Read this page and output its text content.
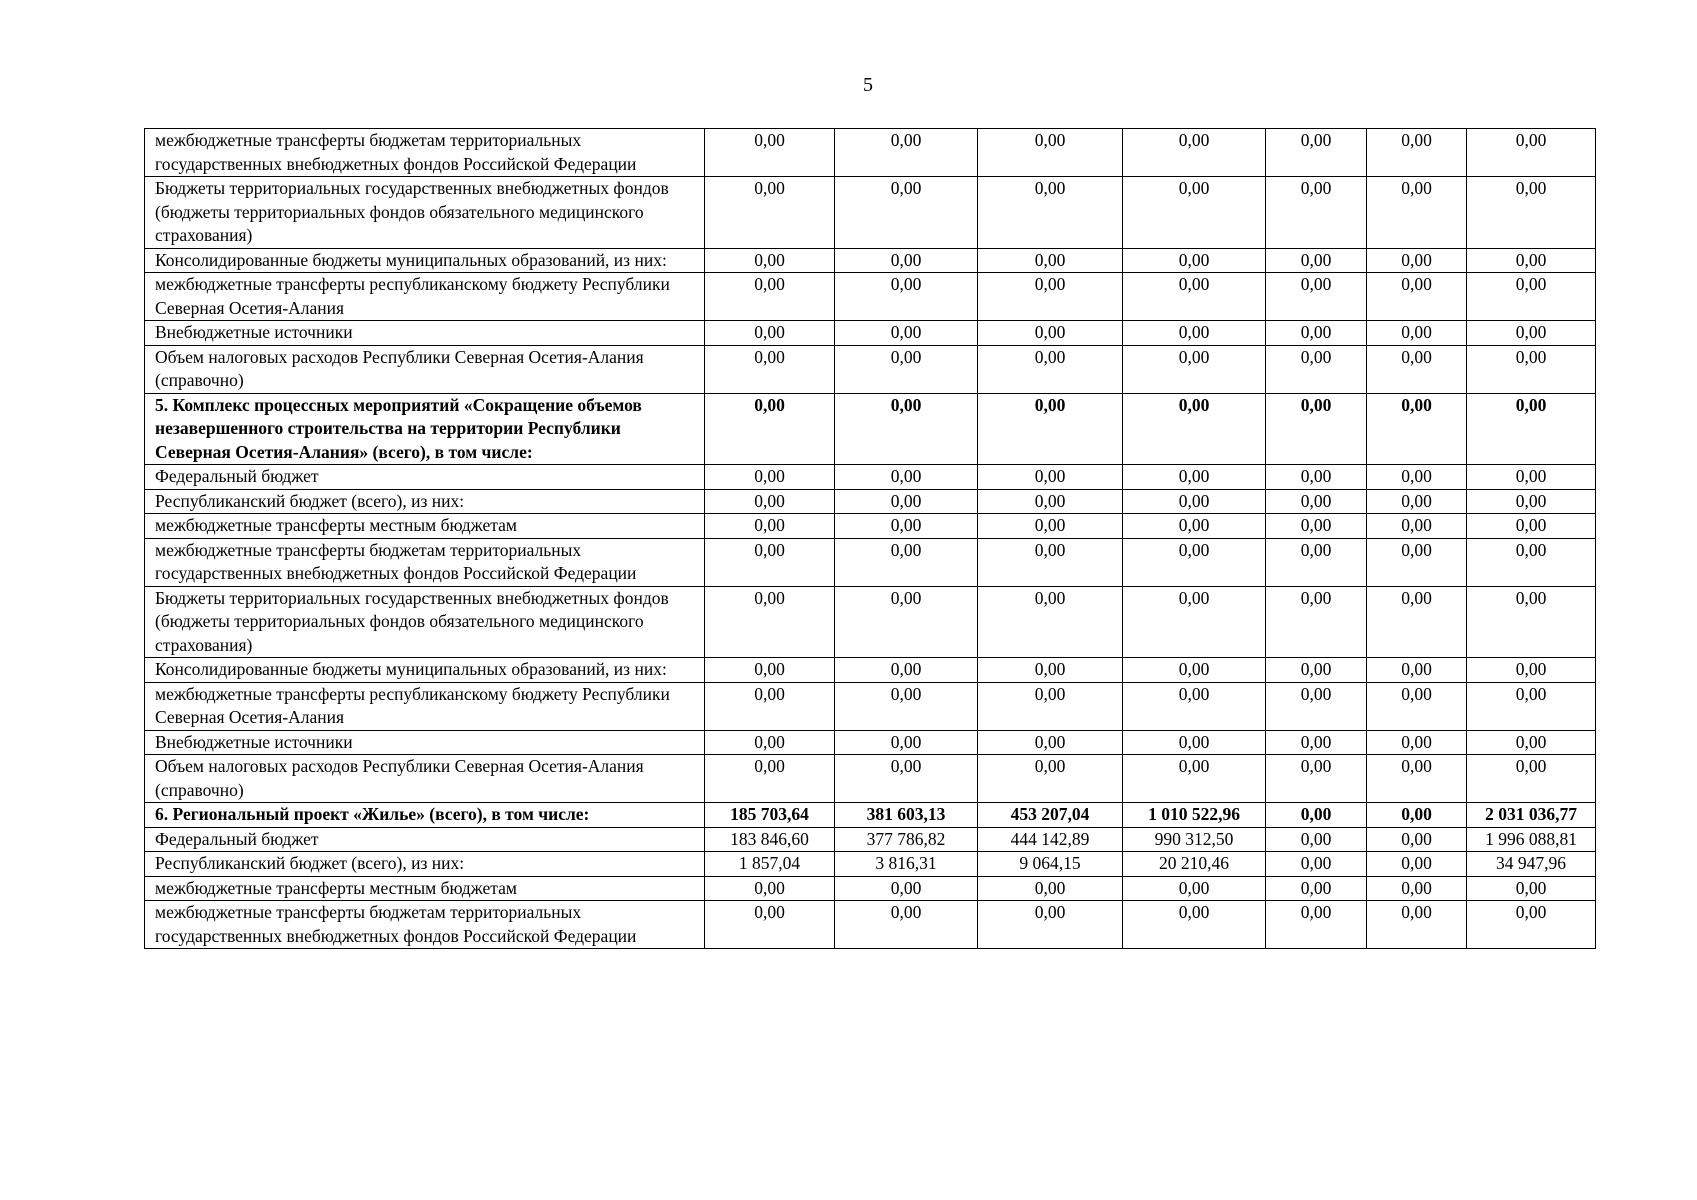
5
межбюджетные трансферты бюджетам территориальных государственных внебюджетных фондов Российской Федерации	0,00	0,00	0,00	0,00	0,00	0,00	0,00
Бюджеты территориальных государственных внебюджетных фондов (бюджеты территориальных фондов обязательного медицинского страхования)	0,00	0,00	0,00	0,00	0,00	0,00	0,00
Консолидированные бюджеты муниципальных образований, из них:	0,00	0,00	0,00	0,00	0,00	0,00	0,00
межбюджетные трансферты республиканскому бюджету Республики Северная Осетия-Алания	0,00	0,00	0,00	0,00	0,00	0,00	0,00
Внебюджетные источники	0,00	0,00	0,00	0,00	0,00	0,00	0,00
Объем налоговых расходов Республики Северная Осетия-Алания (справочно)	0,00	0,00	0,00	0,00	0,00	0,00	0,00
5. Комплекс процессных мероприятий «Сокращение объемов незавершенного строительства на территории Республики Северная Осетия-Алания» (всего), в том числе:	0,00	0,00	0,00	0,00	0,00	0,00	0,00
Федеральный бюджет	0,00	0,00	0,00	0,00	0,00	0,00	0,00
Республиканский бюджет (всего), из них:	0,00	0,00	0,00	0,00	0,00	0,00	0,00
межбюджетные трансферты местным бюджетам	0,00	0,00	0,00	0,00	0,00	0,00	0,00
межбюджетные трансферты бюджетам территориальных государственных внебюджетных фондов Российской Федерации	0,00	0,00	0,00	0,00	0,00	0,00	0,00
Бюджеты территориальных государственных внебюджетных фондов (бюджеты территориальных фондов обязательного медицинского страхования)	0,00	0,00	0,00	0,00	0,00	0,00	0,00
Консолидированные бюджеты муниципальных образований, из них:	0,00	0,00	0,00	0,00	0,00	0,00	0,00
межбюджетные трансферты республиканскому бюджету Республики Северная Осетия-Алания	0,00	0,00	0,00	0,00	0,00	0,00	0,00
Внебюджетные источники	0,00	0,00	0,00	0,00	0,00	0,00	0,00
Объем налоговых расходов Республики Северная Осетия-Алания (справочно)	0,00	0,00	0,00	0,00	0,00	0,00	0,00
6. Региональный проект «Жилье» (всего), в том числе:	185 703,64	381 603,13	453 207,04	1 010 522,96	0,00	0,00	2 031 036,77
Федеральный бюджет	183 846,60	377 786,82	444 142,89	990 312,50	0,00	0,00	1 996 088,81
Республиканский бюджет (всего), из них:	1 857,04	3 816,31	9 064,15	20 210,46	0,00	0,00	34 947,96
межбюджетные трансферты местным бюджетам	0,00	0,00	0,00	0,00	0,00	0,00	0,00
межбюджетные трансферты бюджетам территориальных государственных внебюджетных фондов Российской Федерации	0,00	0,00	0,00	0,00	0,00	0,00	0,00
